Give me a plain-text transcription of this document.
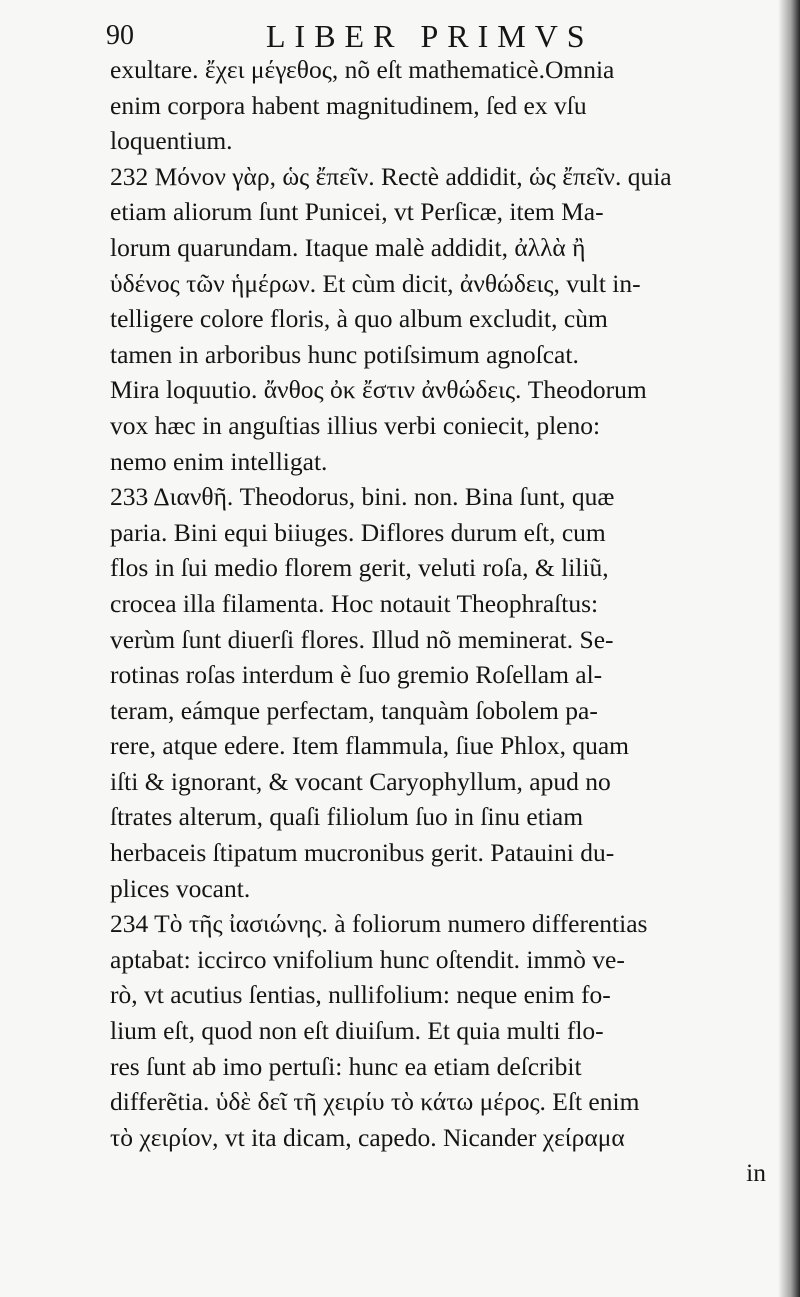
90	LIBER PRIMVS
exultare. ἔχει μέγεθος, nõ eſt mathematicè.Omnia
enim corpora habent magnitudinem, ſed ex vſu
loquentium.
232 Μόνον γὰρ, ὡς ἔπεῖν. Rectè addidit, ὡς ἔπεῖν. quia
etiam aliorum ſunt Punicei, vt Perſicæ, item Ma-
lorum quarundam. Itaque malè addidit, ἀλλὰ ἢ
ὑδένος τῶν ἡμέρων. Et cùm dicit, ἀνθώδεις, vult in-
telligere colore floris, à quo album excludit, cùm
tamen in arboribus hunc potiſsimum agnoſcat.
Mira loquutio. ἄνθος ὀκ ἔστιν ἀνθώδεις. Theodorum
vox hæc in anguſtias illius verbi coniecit, pleno:
nemo enim intelligat.
233 Διανθῆ. Theodorus, bini. non. Bina ſunt, quæ
paria. Bini equi biiuges. Diflores durum eſt, cum
flos in ſui medio florem gerit, veluti roſa, & liliũ,
crocea illa filamenta. Hoc notauit Theophraſtus:
verùm ſunt diuerſi flores. Illud nõ meminerat. Se-
rotinas roſas interdum è ſuo gremio Roſellam al-
teram, eámque perfectam, tanquàm ſobolem pa-
rere, atque edere. Item flammula, ſiue Phlox, quam
iſti & ignorant, & vocant Caryophyllum, apud no
ſtrates alterum, quaſi filiolum ſuo in ſinu etiam
herbaceis ſtipatum mucronibus gerit. Patauini du-
plices vocant.
234 Τὸ τῆς ἰασιώνης. à foliorum numero differentias
aptabat: iccirco vnifolium hunc oſtendit. immò ve-
rò, vt acutius ſentias, nullifolium: neque enim fo-
lium eſt, quod non eſt diuiſum. Et quia multi flo-
res ſunt ab imo pertuſi: hunc ea etiam deſcribit
differẽtia. ὑδὲ δεῖ τῆ χειρίυ τὸ κάτω μέρος. Eſt enim
τὸ χειρίον, vt ita dicam, capedo. Nicander χείραμα
in
